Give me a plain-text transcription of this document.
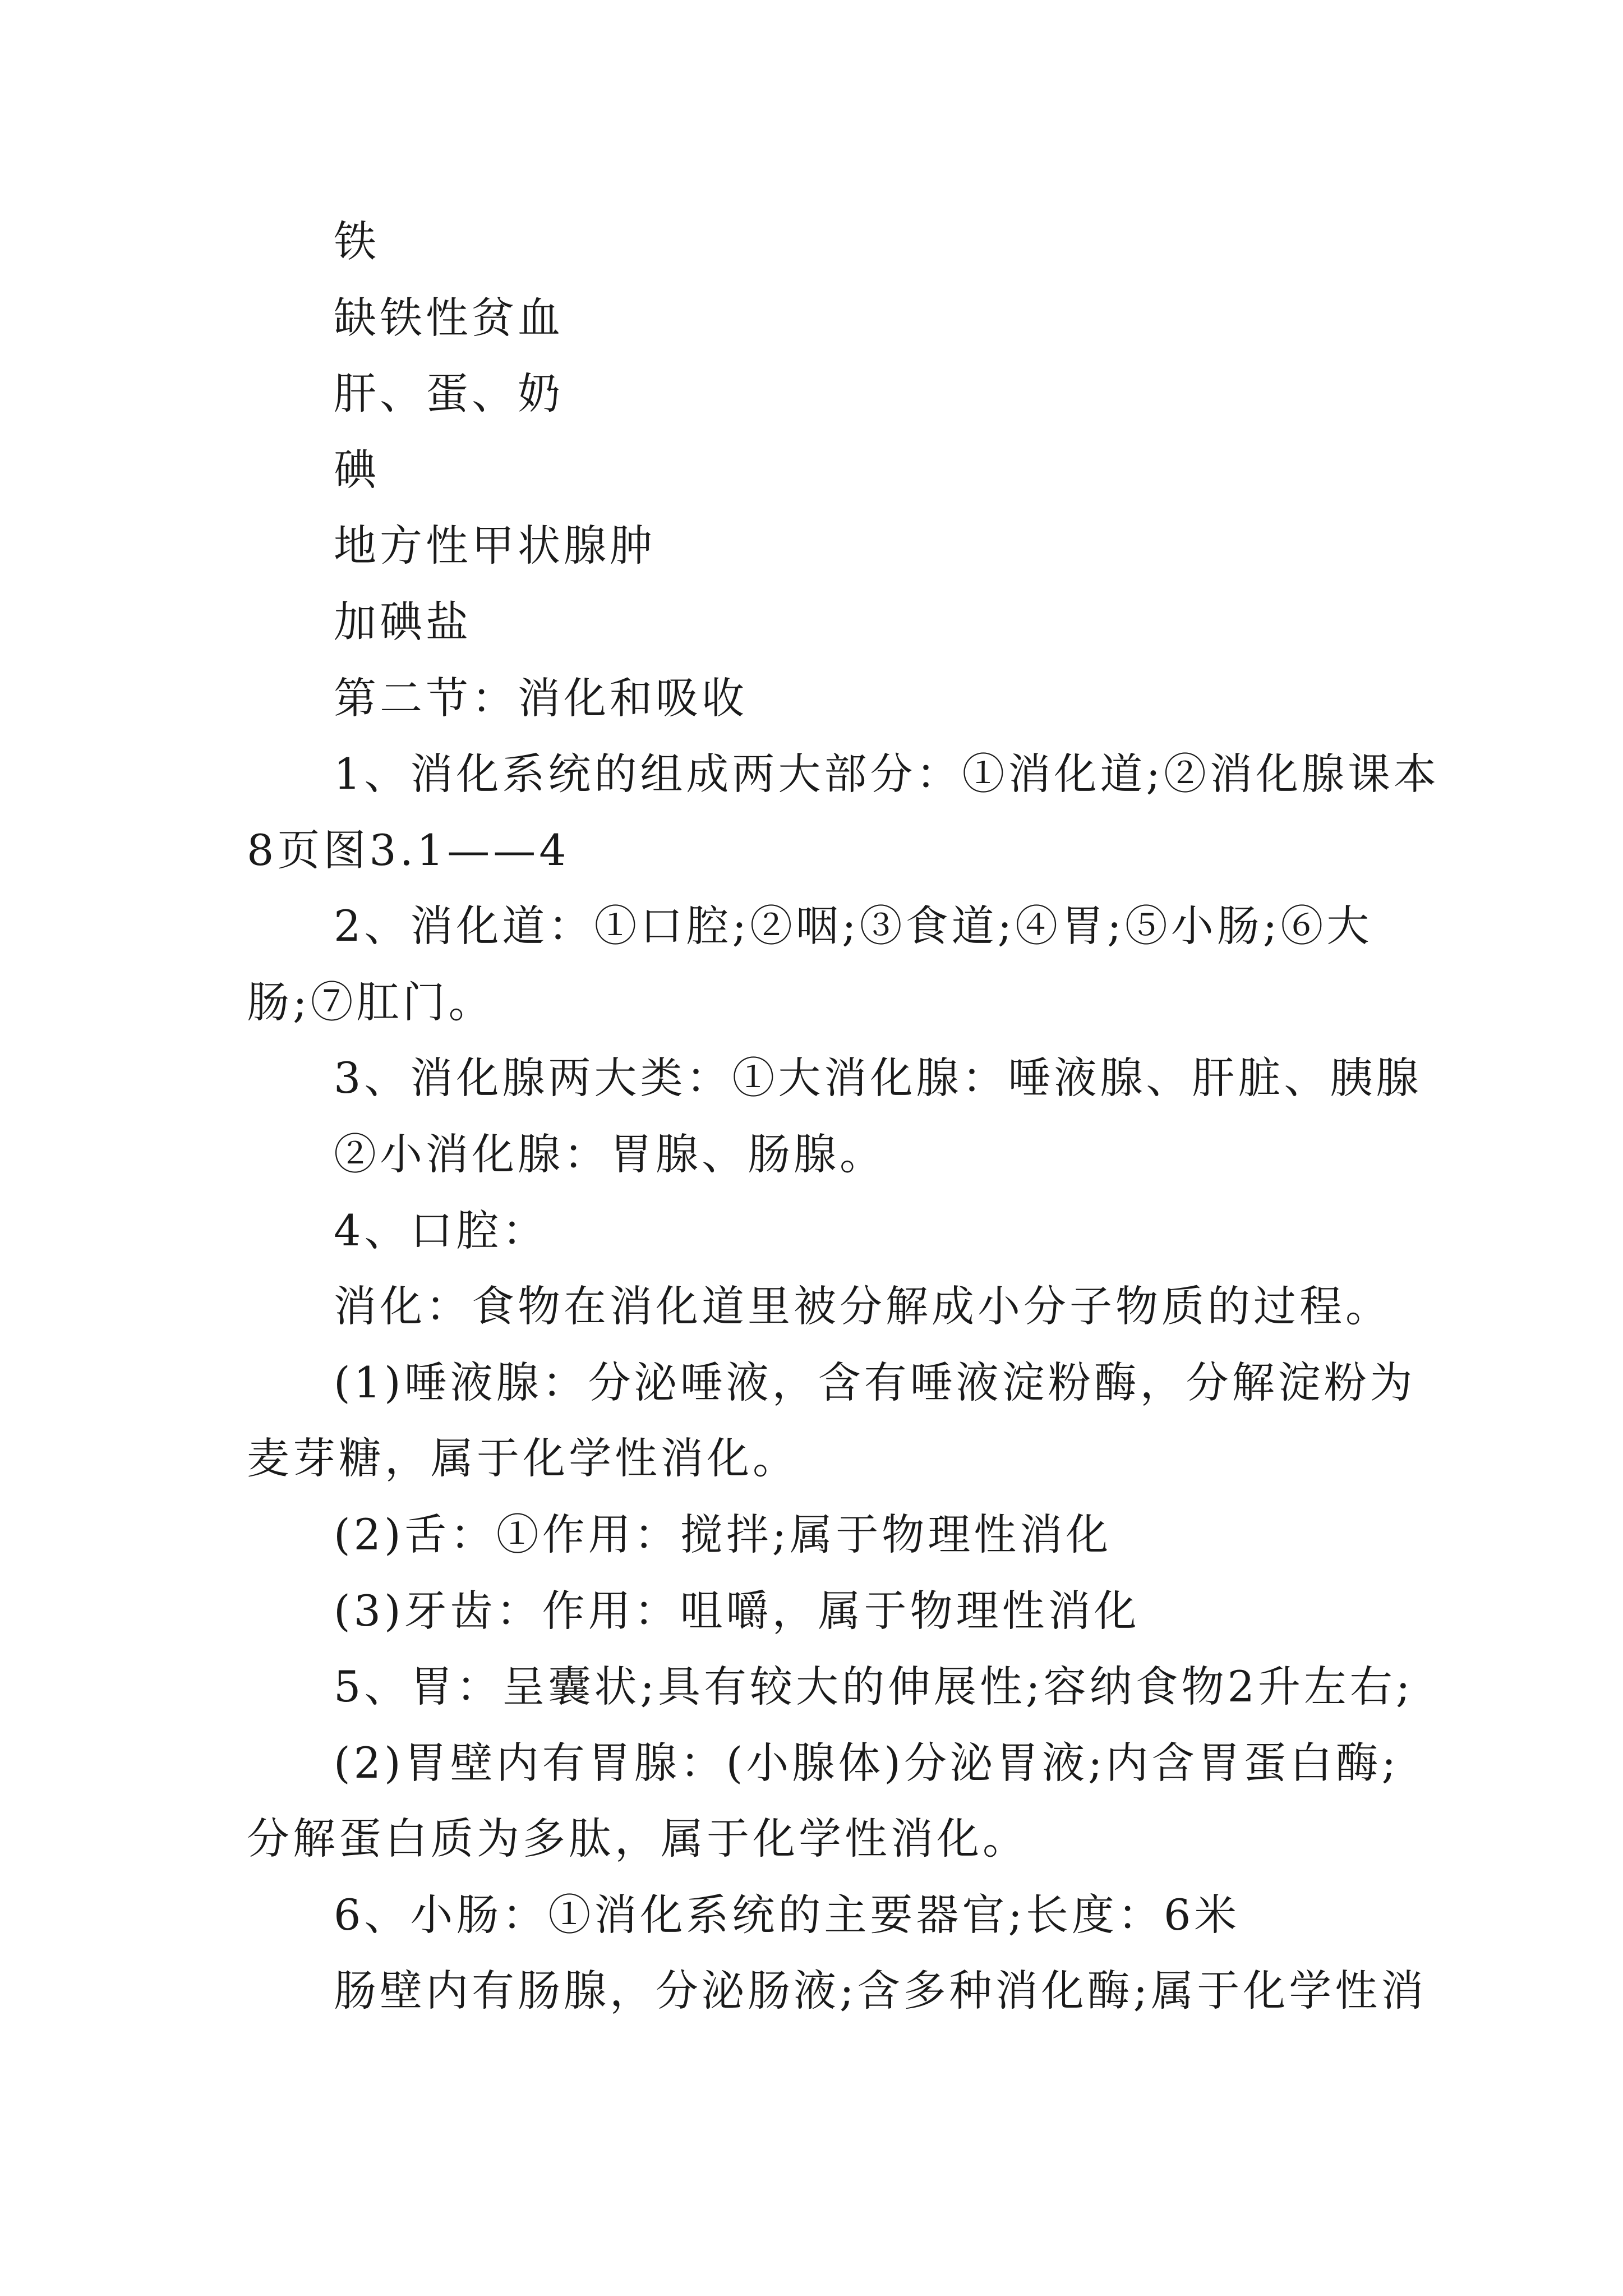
铁
缺铁性贫血
肝、蛋、奶
碘
地方性甲状腺肿
加碘盐
第二节：消化和吸收
1、消化系统的组成两大部分：①消化道;②消化腺课本
8页图3.1——4
2、消化道：①口腔;②咽;③食道;④胃;⑤小肠;⑥大
肠;⑦肛门。
3、消化腺两大类：①大消化腺：唾液腺、肝脏、胰腺
②小消化腺：胃腺、肠腺。
4、口腔：
消化：食物在消化道里被分解成小分子物质的过程。
(1)唾液腺：分泌唾液，含有唾液淀粉酶，分解淀粉为
麦芽糖，属于化学性消化。
(2)舌：①作用：搅拌;属于物理性消化
(3)牙齿：作用：咀嚼，属于物理性消化
5、胃：呈囊状;具有较大的伸展性;容纳食物2升左右;
(2)胃壁内有胃腺：(小腺体)分泌胃液;内含胃蛋白酶;
分解蛋白质为多肽，属于化学性消化。
6、小肠：①消化系统的主要器官;长度：6米
肠壁内有肠腺，分泌肠液;含多种消化酶;属于化学性消
